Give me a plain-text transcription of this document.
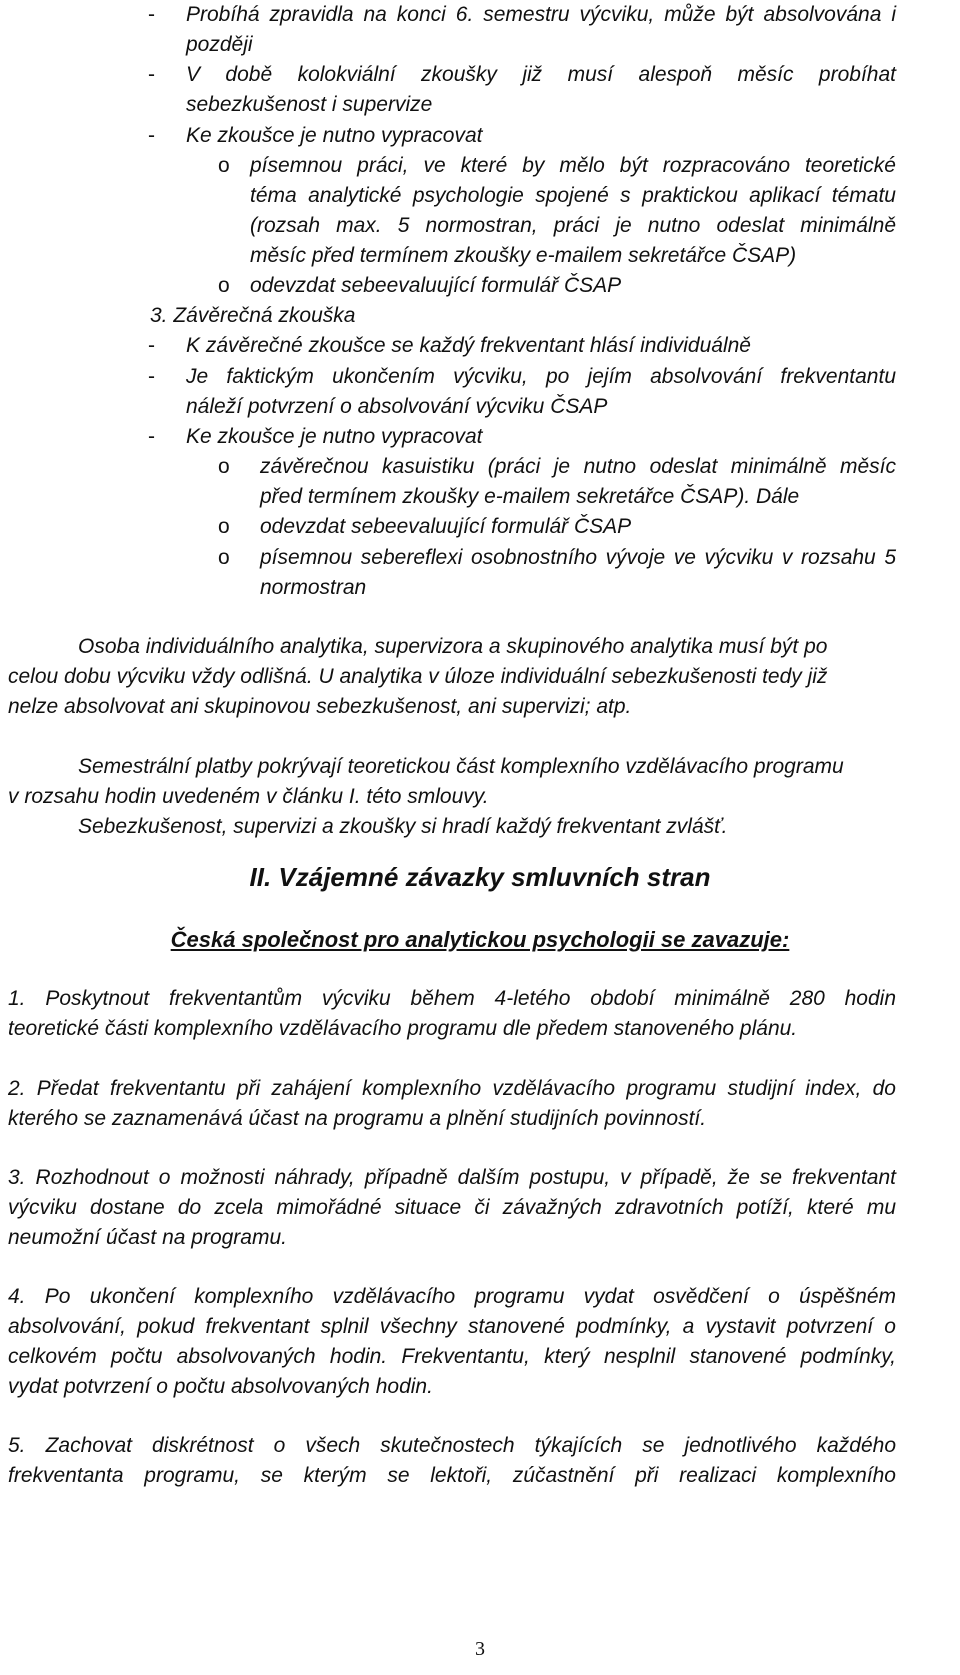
- Probíhá zpravidla na konci 6. semestru výcviku, může být absolvována i
později
- V době kolokviální zkoušky již musí alespoň měsíc probíhat
sebezkušenost i supervize
- Ke zkoušce je nutno vypracovat
o písemnou práci, ve které by mělo být rozpracováno teoretické
téma analytické psychologie spojené s praktickou aplikací tématu
(rozsah max. 5 normostran, práci je nutno odeslat minimálně
měsíc před termínem zkoušky e-mailem sekretářce ČSAP)
o odevzdat sebeevaluující formulář ČSAP
3. Závěrečná zkouška
- K závěrečné zkoušce se každý frekventant hlásí individuálně
- Je faktickým ukončením výcviku, po jejím absolvování frekventantu
náleží potvrzení o absolvování výcviku ČSAP
- Ke zkoušce je nutno vypracovat
o závěrečnou kasuistiku (práci je nutno odeslat minimálně měsíc
před termínem zkoušky e-mailem sekretářce ČSAP). Dále
o odevzdat sebeevaluující formulář ČSAP
o písemnou sebereflexi osobnostního vývoje ve výcviku v rozsahu 5
normostran
Osoba individuálního analytika, supervizora a skupinového analytika musí být po
celou dobu výcviku vždy odlišná. U analytika v úloze individuální sebezkušenosti tedy již
nelze absolvovat ani skupinovou sebezkušenost, ani supervizi; atp.
Semestrální platby pokrývají teoretickou část komplexního vzdělávacího programu
v rozsahu hodin uvedeném v článku I. této smlouvy.
Sebezkušenost, supervizi a zkoušky si hradí každý frekventant zvlášť.
II. Vzájemné závazky smluvních stran
Česká společnost pro analytickou psychologii se zavazuje:
1. Poskytnout frekventantům výcviku během 4-letého období minimálně 280 hodin
teoretické části komplexního vzdělávacího programu dle předem stanoveného plánu.
2. Předat frekventantu při zahájení komplexního vzdělávacího programu studijní index, do
kterého se zaznamenává účast na programu a plnění studijních povinností.
3. Rozhodnout o možnosti náhrady, případně dalším postupu, v případě, že se frekventant
výcviku dostane do zcela mimořádné situace či závažných zdravotních potíží, které mu
neumožní účast na programu.
4. Po ukončení komplexního vzdělávacího programu vydat osvědčení o úspěšném
absolvování, pokud frekventant splnil všechny stanovené podmínky, a vystavit potvrzení o
celkovém počtu absolvovaných hodin. Frekventantu, který nesplnil stanovené podmínky,
vydat potvrzení o počtu absolvovaných hodin.
5. Zachovat diskrétnost o všech skutečnostech týkajících se jednotlivého každého
frekventanta programu, se kterým se lektoři, zúčastnění při realizaci komplexního
3
